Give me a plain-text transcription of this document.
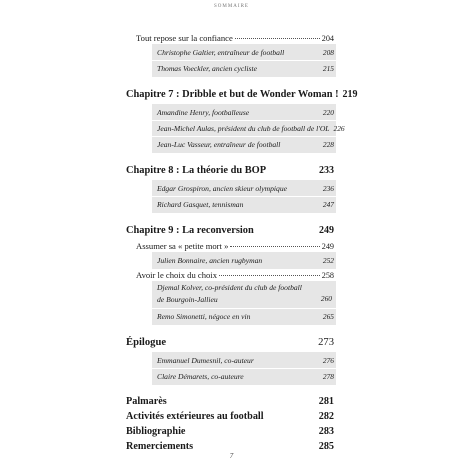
SOMMAIRE
Tout repose sur la confiance	204
Christophe Galtier, entraîneur de football	208
Thomas Voeckler, ancien cycliste	215
Chapitre 7 : Dribble et but de Wonder Woman ! 219
Amandine Henry, footballeuse	220
Jean-Michel Aulas, président du club de football de l'OL 226
Jean-Luc Vasseur, entraîneur de football	228
Chapitre 8 : La théorie du BOP	233
Edgar Grospiron, ancien skieur olympique	236
Richard Gasquet, tennisman	247
Chapitre 9 : La reconversion	249
Assumer sa « petite mort »	249
Julien Bonnaire, ancien rugbyman	252
Avoir le choix du choix	258
Djemal Kolver, co-président du club de football
de Bourgoin-Jallieu	260
Remo Simonetti, négoce en vin	265
Épilogue	273
Emmanuel Dumesnil, co-auteur	276
Claire Démarets, co-auteure	278
Palmarès	281
Activités extérieures au football	282
Bibliographie	283
Remerciements	285
7
